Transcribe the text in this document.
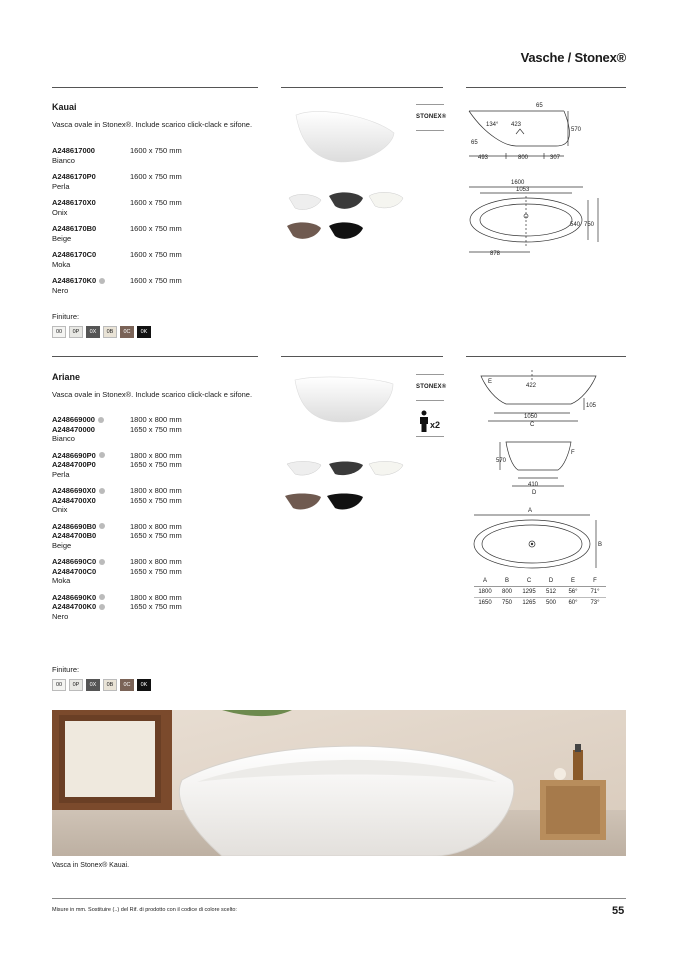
Vasche / Stonex®
Kauai
Vasca ovale in Stonex®. Include scarico click-clack e sifone.
A248617000	1600 x 750 mm
Bianco
A2486170P0	1600 x 750 mm
Perla
A2486170X0	1600 x 750 mm
Onix
A2486170B0	1600 x 750 mm
Beige
A2486170C0	1600 x 750 mm
Moka
A2486170K0	1600 x 750 mm
Nero
Finiture:
00	0P	0X	0B	0C	0K
STONEX®
65
134° 423
570
65
493	800	307
1600
1053
540 750
878
Ariane
Vasca ovale in Stonex®. Include scarico click-clack e sifone.
A24866900​0	1800 x 800 mm
A248470000	1650 x 750 mm
Bianco
A2486690P0	1800 x 800 mm
A2484700P0	1650 x 750 mm
Perla
A2486690X0	1800 x 800 mm
A2484700X0	1650 x 750 mm
Onix
A2486690B0	1800 x 800 mm
A2484700B0	1650 x 750 mm
Beige
A2486690C0	1800 x 800 mm
A2484700C0	1650 x 750 mm
Moka
A2486690K0	1800 x 800 mm
A2484700K0	1650 x 750 mm
Nero
Finiture:
00	0P	0X	0B	0C	0K
STONEX®
x2
E
422
105
1050
C
570
F
410
D
A
B
A	B	C	D	E	F
1800	800	1295	512	56°	71°
1650	750	1265	500	60°	73°
Vasca in Stonex® Kauai.
Misure in mm. Sostituire (..) del Rif. di prodotto con il codice di colore scelto:	55
